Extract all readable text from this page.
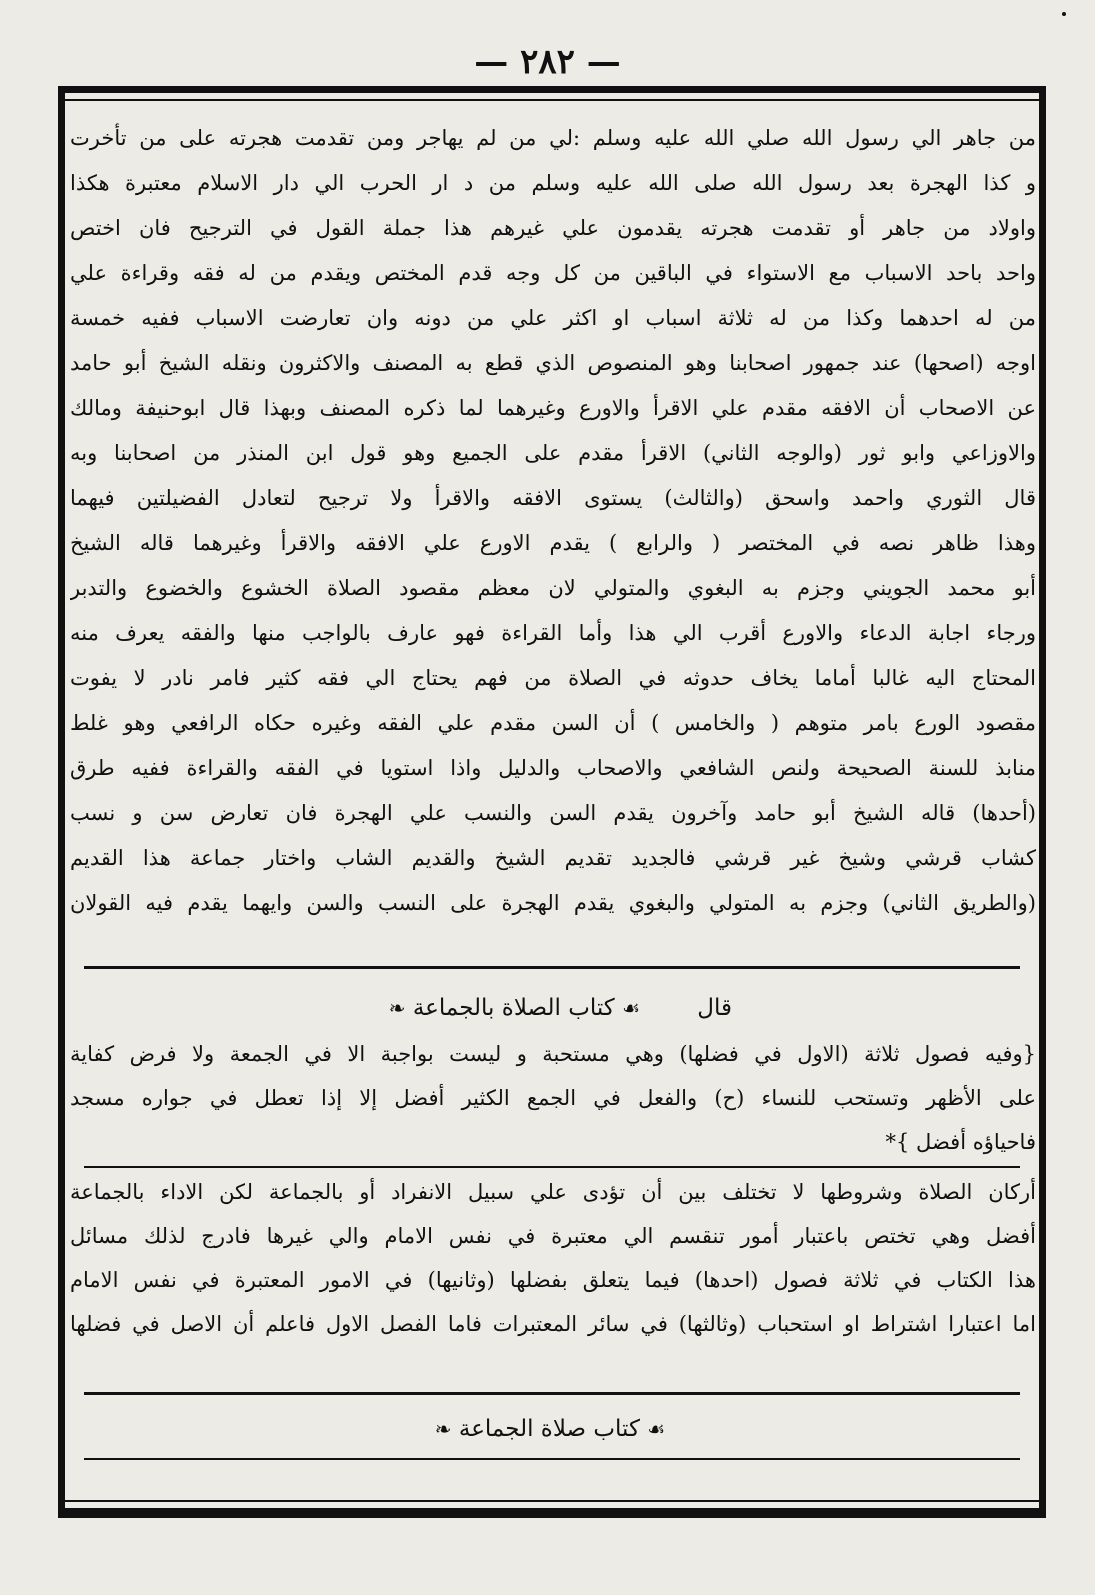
— ٢٨٢ —
من جاهر الي رسول الله صلي الله عليه وسلم :لي من لم يهاجر ومن تقدمت هجرته على من تأخرت
و كذا الهجرة بعد رسول الله صلى الله عليه وسلم من د ار الحرب الي دار الاسلام معتبرة هكذا
واولاد من جاهر أو تقدمت هجرته يقدمون علي غيرهم هذا جملة القول في الترجيح فان اختص
واحد باحد الاسباب مع الاستواء في الباقين من كل وجه قدم المختص ويقدم من له فقه وقراءة علي
من له احدهما وكذا من له ثلاثة اسباب او اكثر علي من دونه وان تعارضت الاسباب ففيه خمسة
اوجه (اصحها) عند جمهور اصحابنا وهو المنصوص الذي قطع به المصنف والاكثرون ونقله الشيخ أبو حامد
عن الاصحاب أن الافقه مقدم علي الاقرأ والاورع وغيرهما لما ذكره المصنف وبهذا قال ابوحنيفة ومالك
والاوزاعي وابو ثور (والوجه الثاني) الاقرأ مقدم على الجميع وهو قول ابن المنذر من اصحابنا وبه
قال الثوري واحمد واسحق (والثالث) يستوى الافقه والاقرأ ولا ترجيح لتعادل الفضيلتين فيهما
وهذا ظاهر نصه في المختصر ( والرابع ) يقدم الاورع علي الافقه والاقرأ وغيرهما قاله الشيخ
أبو محمد الجويني وجزم به البغوي والمتولي لان معظم مقصود الصلاة الخشوع والخضوع والتدبر
ورجاء اجابة الدعاء والاورع أقرب الي هذا وأما القراءة فهو عارف بالواجب منها والفقه يعرف منه
المحتاج اليه غالبا أماما يخاف حدوثه في الصلاة من فهم يحتاج الي فقه كثير فامر نادر لا يفوت
مقصود الورع بامر متوهم ( والخامس ) أن السن مقدم علي الفقه وغيره حكاه الرافعي وهو غلط
منابذ للسنة الصحيحة ولنص الشافعي والاصحاب والدليل واذا استويا في الفقه والقراءة ففيه طرق
(أحدها) قاله الشيخ أبو حامد وآخرون يقدم السن والنسب علي الهجرة فان تعارض سن و نسب
كشاب قرشي وشيخ غير قرشي فالجديد تقديم الشيخ والقديم الشاب واختار جماعة هذا القديم
(والطريق الثاني) وجزم به المتولي والبغوي يقدم الهجرة على النسب والسن وايهما يقدم فيه القولان
قال
☙ كتاب الصلاة بالجماعة ❧
{وفيه فصول ثلاثة (الاول في فضلها) وهي مستحبة و ليست بواجبة الا في الجمعة ولا فرض كفاية
على الأظهر وتستحب للنساء (ح) والفعل في الجمع الكثير أفضل إلا إذا تعطل في جواره مسجد
فاحياؤه أفضل }*
أركان الصلاة وشروطها لا تختلف بين أن تؤدى علي سبيل الانفراد أو بالجماعة لكن الاداء بالجماعة
أفضل وهي تختص باعتبار أمور تنقسم الي معتبرة في نفس الامام والي غيرها فادرج لذلك مسائل
هذا الكتاب في ثلاثة فصول (احدها) فيما يتعلق بفضلها (وثانيها) في الامور المعتبرة في نفس الامام
اما اعتبارا اشتراط او استحباب (وثالثها) في سائر المعتبرات فاما الفصل الاول فاعلم أن الاصل في فضلها
☙ كتاب صلاة الجماعة ❧
